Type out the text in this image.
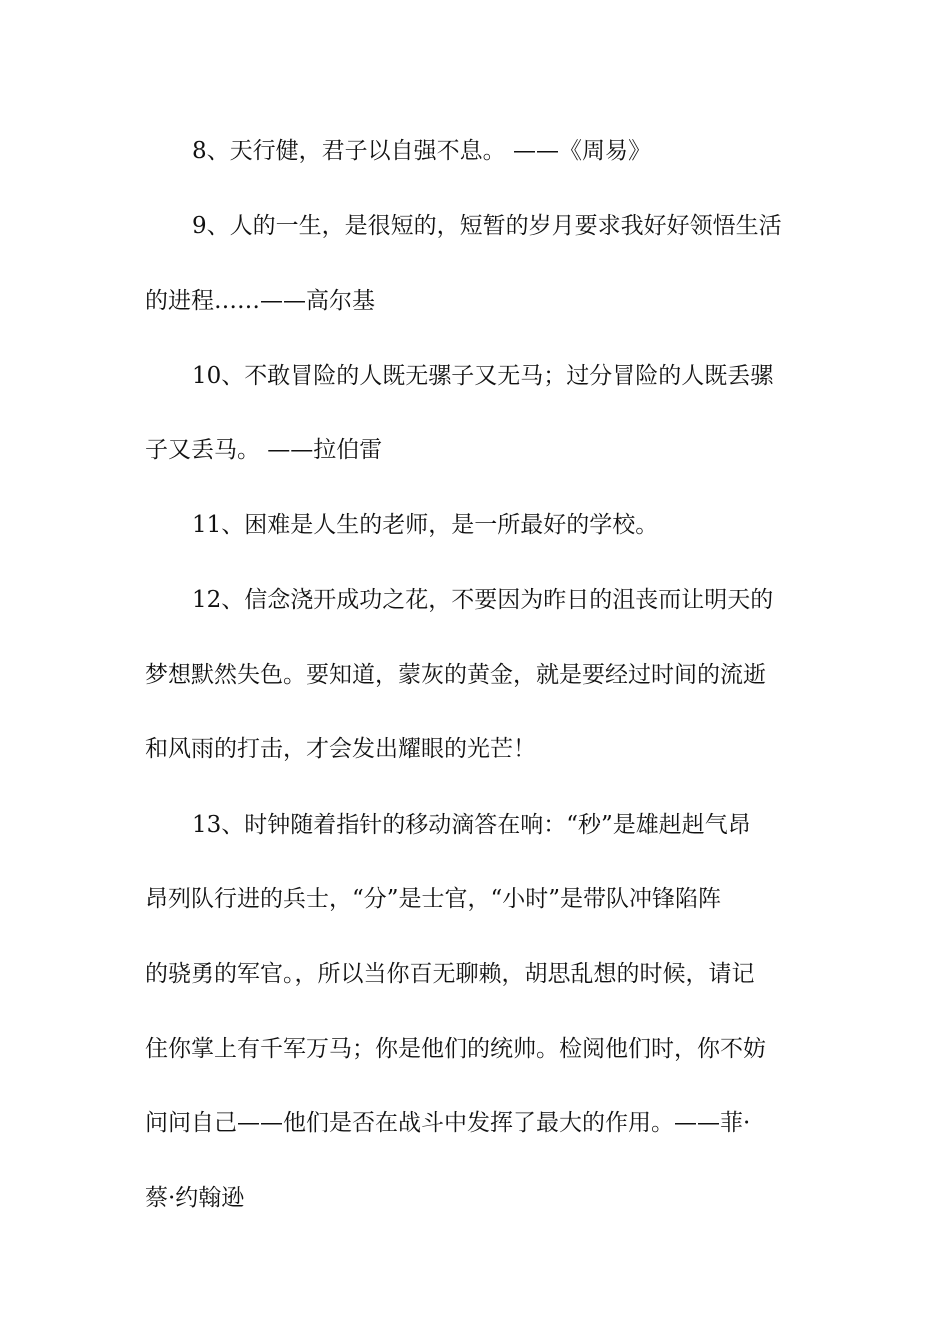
8、天行健，君子以自强不息。 ——《周易》
9、人的一生，是很短的，短暂的岁月要求我好好领悟生活
的进程……——高尔基
10、不敢冒险的人既无骡子又无马；过分冒险的人既丢骡
子又丢马。 ——拉伯雷
11、困难是人生的老师，是一所最好的学校。
12、信念浇开成功之花，不要因为昨日的沮丧而让明天的
梦想默然失色。要知道，蒙灰的黄金，就是要经过时间的流逝
和风雨的打击，才会发出耀眼的光芒！
13、时钟随着指针的移动滴答在响：“秒”是雄赳赳气昂
昂列队行进的兵士，“分”是士官，“小时”是带队冲锋陷阵
的骁勇的军官。，所以当你百无聊赖，胡思乱想的时候，请记
住你掌上有千军万马；你是他们的统帅。检阅他们时，你不妨
问问自己——他们是否在战斗中发挥了最大的作用。——菲·
蔡·约翰逊
